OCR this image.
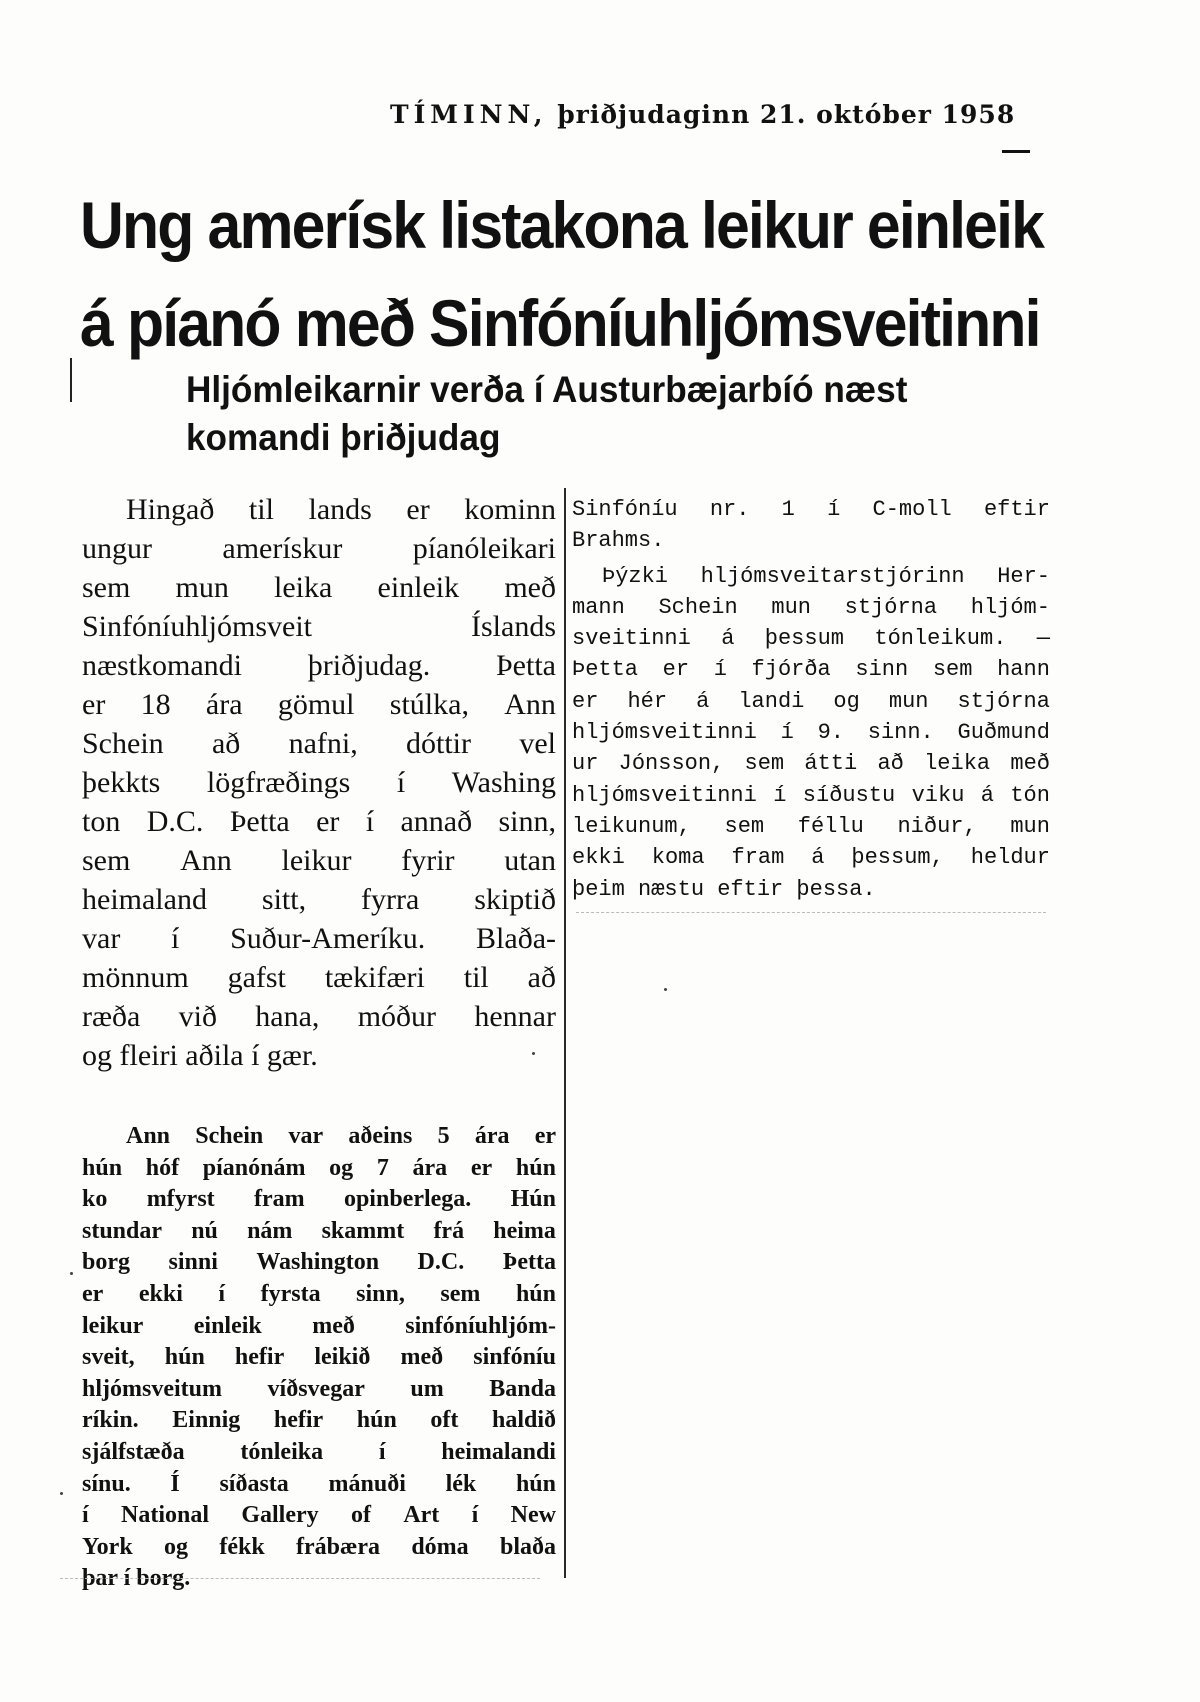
TÍMINN, þriðjudaginn 21. október 1958
Ung amerísk listakona leikur einleik
á píanó með Sinfóníuhljómsveitinni
Hljómleikarnir verða í Austurbæjarbíó næst
komandi þriðjudag
Hingað til lands er kominn
ungur amerískur píanóleikari
sem mun leika einleik með
Sinfóníuhljómsveit	Íslands
næstkomandi þriðjudag. Þetta
er 18 ára gömul stúlka, Ann
Schein að nafni, dóttir vel
þekkts lögfræðings í Washing
ton D.C. Þetta er í annað sinn,
sem Ann leikur fyrir utan
heimaland sitt, fyrra skiptið
var í Suður-Ameríku. Blaða-
mönnum gafst tækifæri til að
ræða við hana, móður hennar
og fleiri aðila í gær.
Ann Schein var aðeins 5 ára er
hún hóf píanónám og 7 ára er hún
ko mfyrst fram opinberlega. Hún
stundar nú nám skammt frá heima
borg sinni Washington D.C. Þetta
er ekki í fyrsta sinn, sem hún
leikur einleik með sinfóníuhljóm-
sveit, hún hefir leikið með sinfóníu
hljómsveitum víðsvegar um Banda
ríkin. Einnig hefir hún oft haldið
sjálfstæða tónleika í heimalandi
sínu. Í síðasta mánuði lék hún
í National Gallery of Art í New
York og fékk frábæra dóma blaða
þar í borg.
Sinfóníu nr. 1 í C-moll eftir
Brahms.
Þýzki hljómsveitarstjórinn Her-
mann Schein mun stjórna hljóm-
sveitinni á þessum tónleikum. —
Þetta er í fjórða sinn sem hann
er hér á landi og mun stjórna
hljómsveitinni í 9. sinn. Guðmund
ur Jónsson, sem átti að leika með
hljómsveitinni í síðustu viku á tón
leikunum, sem féllu niður, mun
ekki koma fram á þessum, heldur
þeim næstu eftir þessa.
